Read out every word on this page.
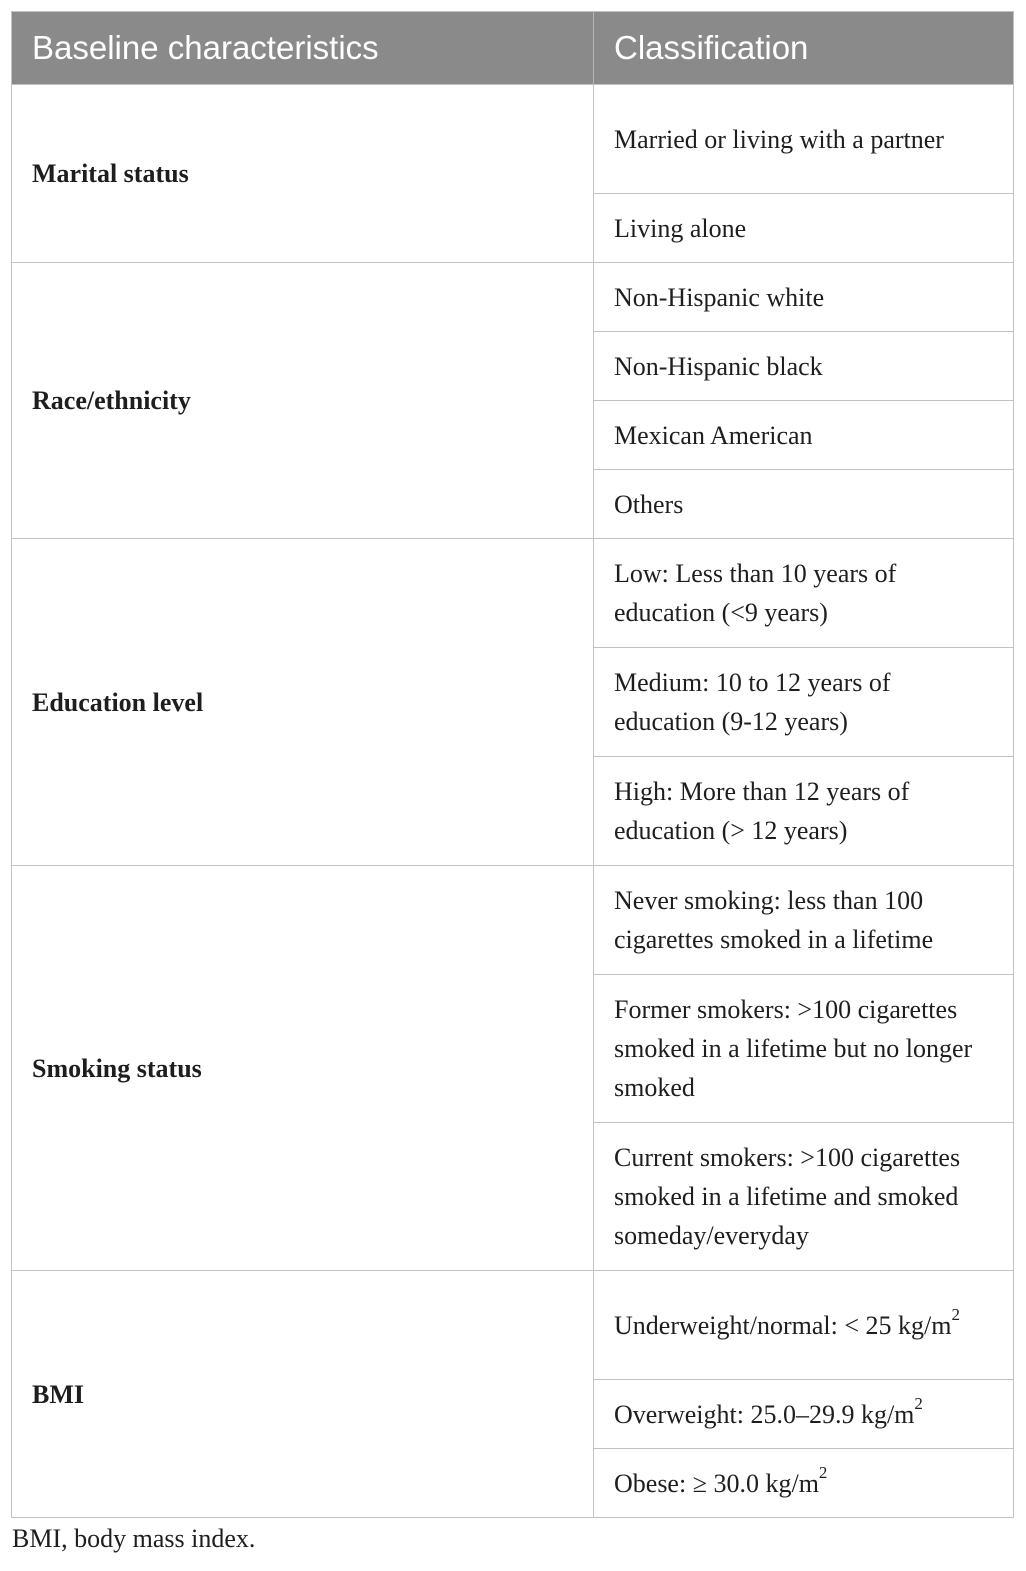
Baseline characteristics	Classification
Marital status	Married or living with a partner
	Living alone
Race/ethnicity	Non-Hispanic white
	Non-Hispanic black
	Mexican American
	Others
Education level	Low: Less than 10 years of education (<9 years)
	Medium: 10 to 12 years of education (9-12 years)
	High: More than 12 years of education (> 12 years)
Smoking status	Never smoking: less than 100 cigarettes smoked in a lifetime
	Former smokers: >100 cigarettes smoked in a lifetime but no longer smoked
	Current smokers: >100 cigarettes smoked in a lifetime and smoked someday/everyday
BMI	Underweight/normal: < 25 $kg/m^2$
	Overweight: 25.0–29.9 $kg/m^2$
	Obese: ≥ 30.0 $kg/m^2$
BMI, body mass index.
